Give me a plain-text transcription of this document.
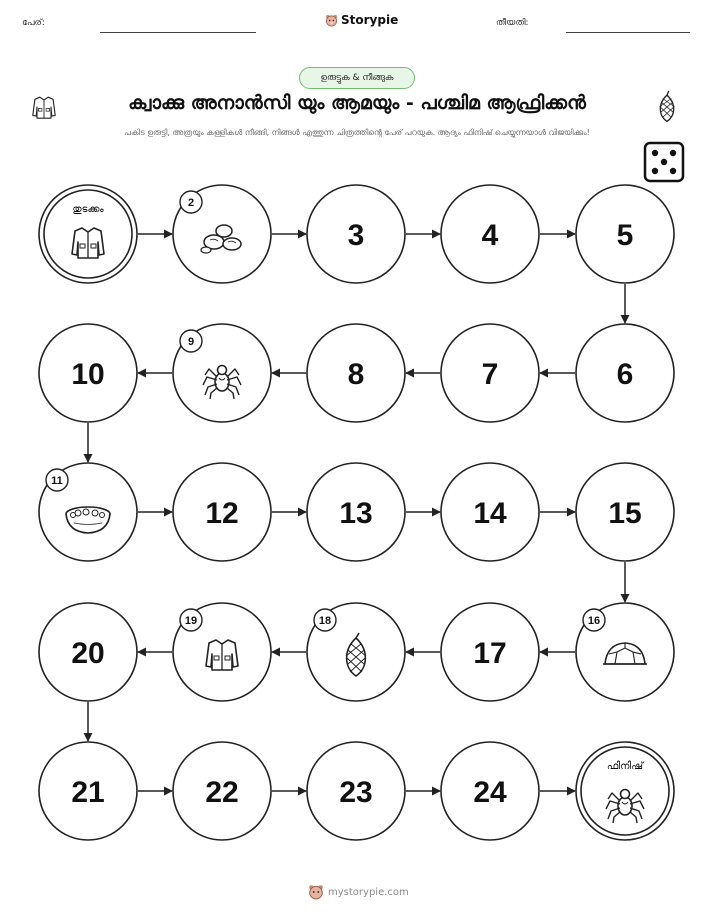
പേര്:	Storypie	തീയതി:
ഉരുട്ടുക & നീങ്ങുക
ക്വാക്കു അനാൻസി യും ആമയും - പശ്ചിമ ആഫ്രിക്കൻ
പകിട ഉരുട്ടി, അത്രയും കള്ളികൾ നീങ്ങി, നിങ്ങൾ എത്തുന്ന ചിത്രത്തിന്റെ പേര് പറയുക. ആദ്യം ഫിനിഷ് ചെയ്യുന്നയാൾ വിജയിക്കും!
തുടക്കം
2
3	4	5
6
7
8
9
10
11
12	13	14	15
16
17
18
19
20
21	22	23	24
ഫിനിഷ്
mystorypie.com
